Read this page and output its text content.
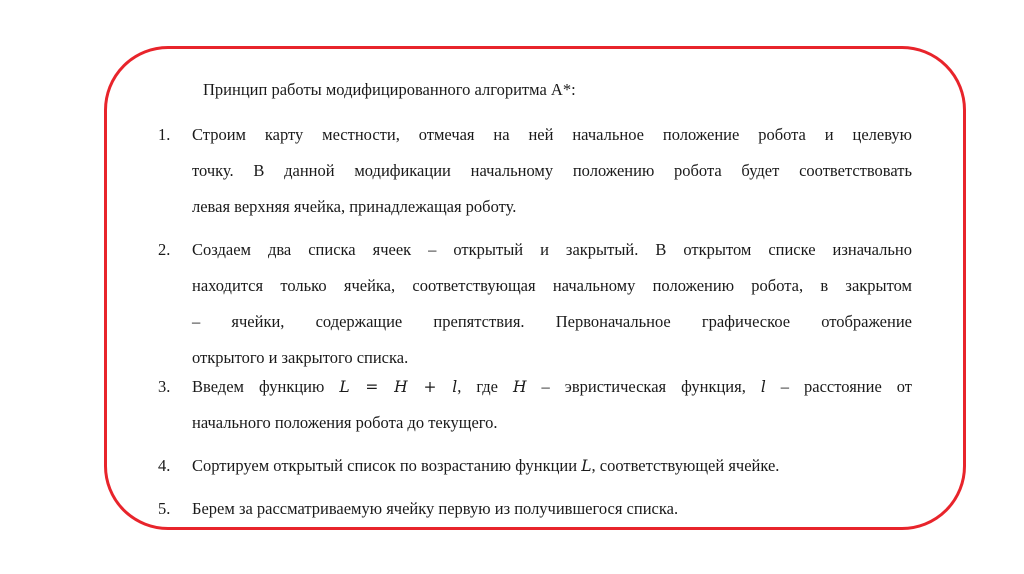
Принцип работы модифицированного алгоритма А*:
1.	Строим карту местности, отмечая на ней начальное положение робота и целевую
точку. В данной модификации начальному положению робота будет соответствовать
левая верхняя ячейка, принадлежащая роботу.
2.	Создаем два списка ячеек – открытый и закрытый. В открытом списке изначально
находится только ячейка, соответствующая начальному положению робота, в закрытом
– ячейки, содержащие препятствия. Первоначальное графическое отображение
открытого и закрытого списка.
3.	Введем функцию L = H + l, где H – эвристическая функция, l – расстояние от
начального положения робота до текущего.
4.	Сортируем открытый список по возрастанию функции L, соответствующей ячейке.
5.	Берем за рассматриваемую ячейку первую из получившегося списка.
